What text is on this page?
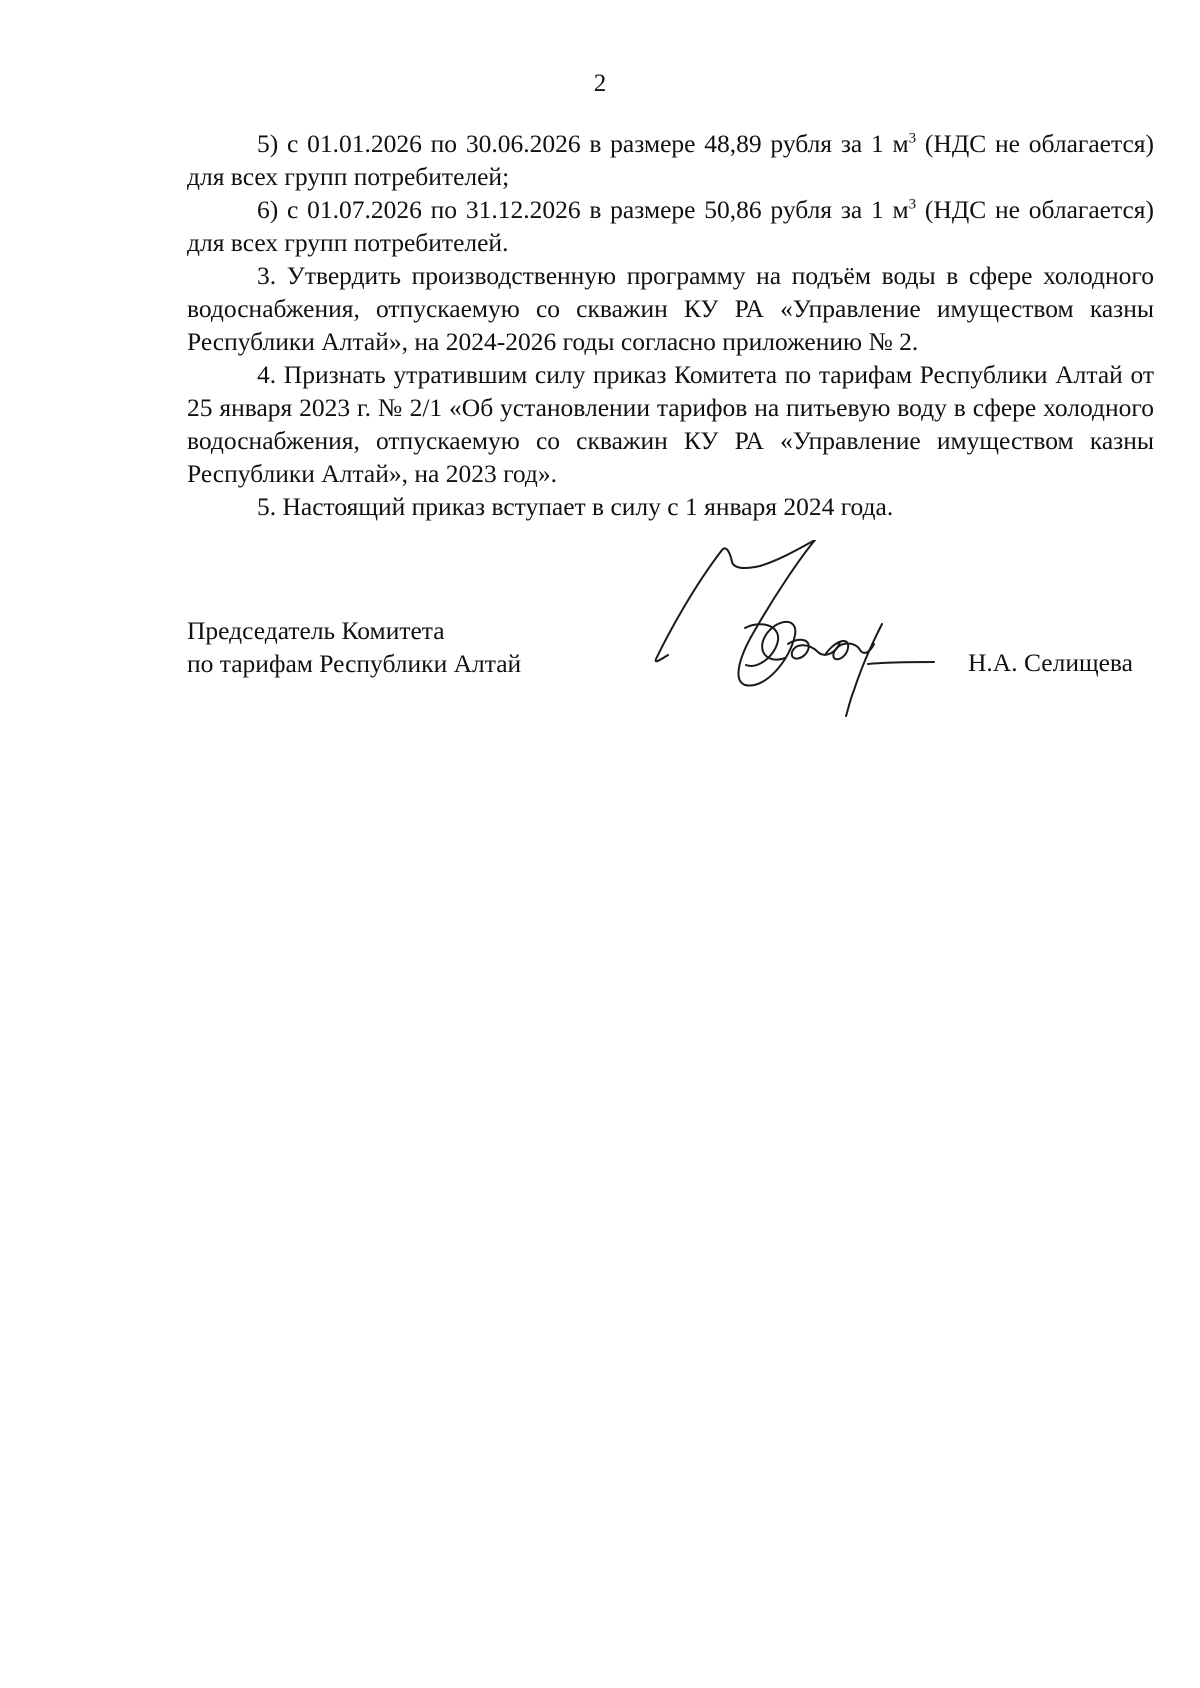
2

5) с 01.01.2026 по 30.06.2026 в размере 48,89 рубля за 1 $м^3$ (НДС не облагается) для всех групп потребителей;

6) с 01.07.2026 по 31.12.2026 в размере 50,86 рубля за 1 $м^3$ (НДС не облагается) для всех групп потребителей.

3. Утвердить производственную программу на подъём воды в сфере холодного водоснабжения, отпускаемую со скважин КУ РА «Управление имуществом казны Республики Алтай», на 2024-2026 годы согласно приложению № 2.

4. Признать утратившим силу приказ Комитета по тарифам Республики Алтай от 25 января 2023 г. № 2/1 «Об установлении тарифов на питьевую воду в сфере холодного водоснабжения, отпускаемую со скважин КУ РА «Управление имуществом казны Республики Алтай», на 2023 год».

5. Настоящий приказ вступает в силу с 1 января 2024 года.

Председатель Комитета
по тарифам Республики Алтай	Н.А. Селищева
